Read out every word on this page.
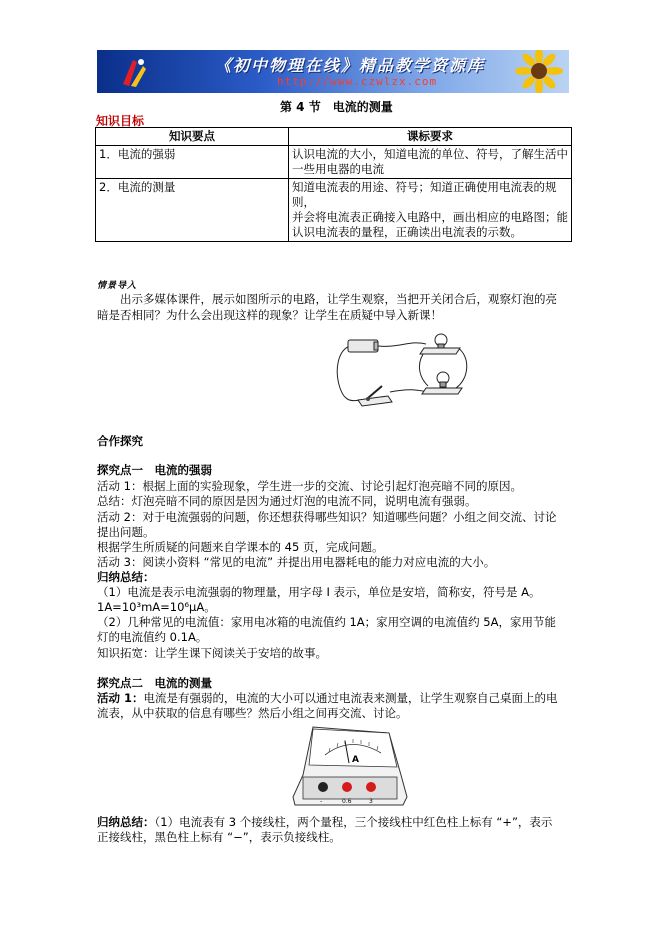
《初中物理在线》精品教学资源库
http://www.czwlzx.com
第 4 节　电流的测量
知识目标
知识要点	课标要求
1．电流的强弱	认识电流的大小，知道电流的单位、符号，了解生活中
一些用电器的电流

2．电流的测量	知道电流表的用途、符号；知道正确使用电流表的规则，
并会将电流表正确接入电路中，画出相应的电路图；能
认识电流表的量程，正确读出电流表的示数。
情景导入
　　出示多媒体课件，展示如图所示的电路，让学生观察，当把开关闭合后，观察灯泡的亮
暗是否相同？为什么会出现这样的现象？让学生在质疑中导入新课！
合作探究
探究点一　电流的强弱
活动 1：根据上面的实验现象，学生进一步的交流、讨论引起灯泡亮暗不同的原因。
总结：灯泡亮暗不同的原因是因为通过灯泡的电流不同，说明电流有强弱。
活动 2：对于电流强弱的问题，你还想获得哪些知识？知道哪些问题？小组之间交流、讨论
提出问题。
根据学生所质疑的问题来自学课本的 45 页，完成问题。
活动 3：阅读小资料 “常见的电流” 并提出用电器耗电的能力对应电流的大小。
归纳总结：
（1）电流是表示电流强弱的物理量，用字母 I 表示，单位是安培，简称安，符号是 A。
1A=10³mA=10⁶μA。
（2）几种常见的电流值：家用电冰箱的电流值约 1A；家用空调的电流值约 5A，家用节能
灯的电流值约 0.1A。
知识拓宽：让学生课下阅读关于安培的故事。
探究点二　电流的测量
活动 1：电流是有强弱的，电流的大小可以通过电流表来测量，让学生观察自己桌面上的电
流表，从中获取的信息有哪些？然后小组之间再交流、讨论。
A
-	0.6	3
归纳总结：（1）电流表有 3 个接线柱，两个量程，三个接线柱中红色柱上标有 “+”，表示
正接线柱，黑色柱上标有 “−”，表示负接线柱。
